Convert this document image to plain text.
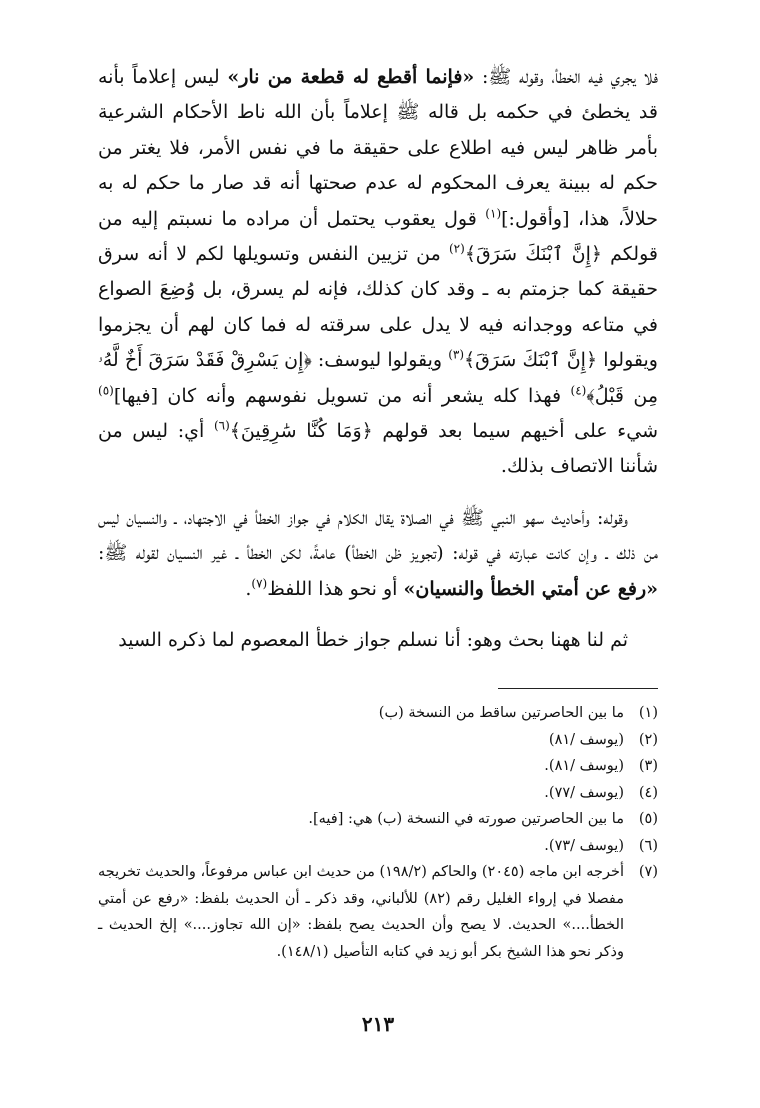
فلا يجري فيه الخطأ، وقوله ﷺ: «فإنما أقطع له قطعة من نار» ليس إعلاماً بأنه قد يخطئ في حكمه بل قاله ﷺ إعلاماً بأن الله ناط الأحكام الشرعية بأمر ظاهر ليس فيه اطلاع على حقيقة ما في نفس الأمر، فلا يغتر من حكم له ببينة يعرف المحكوم له عدم صحتها أنه قد صار ما حكم له به حلالاً، هذا، [وأقول:]$^{(١)}$ قول يعقوب يحتمل أن مراده ما نسبتم إليه من قولكم ﴿إِنَّ ٱبْنَكَ سَرَقَ﴾$^{(٢)}$ من تزيين النفس وتسويلها لكم لا أنه سرق حقيقة كما جزمتم به ـ وقد كان كذلك، فإنه لم يسرق، بل وُضِعَ الصواع في متاعه ووجدانه فيه لا يدل على سرقته له فما كان لهم أن يجزموا ويقولوا ﴿إِنَّ ٱبْنَكَ سَرَقَ﴾$^{(٣)}$ ويقولوا ليوسف: ﴿إِن يَسْرِقْ فَقَدْ سَرَقَ أَخٌ لَّهُۥ مِن قَبْلُ﴾$^{(٤)}$ فهذا كله يشعر أنه من تسويل نفوسهم وأنه كان [فيها]$^{(٥)}$ شيء على أخيهم سيما بعد قولهم ﴿وَمَا كُنَّا سَٰرِقِينَ﴾$^{(٦)}$ أي: ليس من شأننا الاتصاف بذلك.

وقوله: وأحاديث سهو النبي ﷺ في الصلاة يقال الكلام في جواز الخطأ في الاجتهاد، ـ والنسيان ليس من ذلك ـ وإن كانت عبارته في قوله: (تجويز ظن الخطأ) عامةً، لكن الخطأ ـ غير النسيان لقوله ﷺ: «رفع عن أمتي الخطأ والنسيان» أو نحو هذا اللفظ$^{(٧)}$.

ثم لنا ههنا بحث وهو: أنا نسلم جواز خطأ المعصوم لما ذكره السيد

(١)
ما بين الحاصرتين ساقط من النسخة (ب)
(٢)
(يوسف /٨١)
(٣)
(يوسف /٨١).
(٤)
(يوسف /٧٧).
(٥)
ما بين الحاصرتين صورته في النسخة (ب) هي: [فيه].
(٦)
(يوسف /٧٣).
(٧)
أخرجه ابن ماجه (٢٠٤٥) والحاكم (١٩٨/٢) من حديث ابن عباس مرفوعاً، والحديث تخريجه مفصلا في إرواء الغليل رقم (٨٢) للألباني، وقد ذكر ـ أن الحديث بلفظ: «رفع عن أمتي الخطأ....» الحديث. لا يصح وأن الحديث يصح بلفظ: «إن الله تجاوز....» إلخ الحديث ـ وذكر نحو هذا الشيخ بكر أبو زيد في كتابه التأصيل (١٤٨/١).
٢١٣
